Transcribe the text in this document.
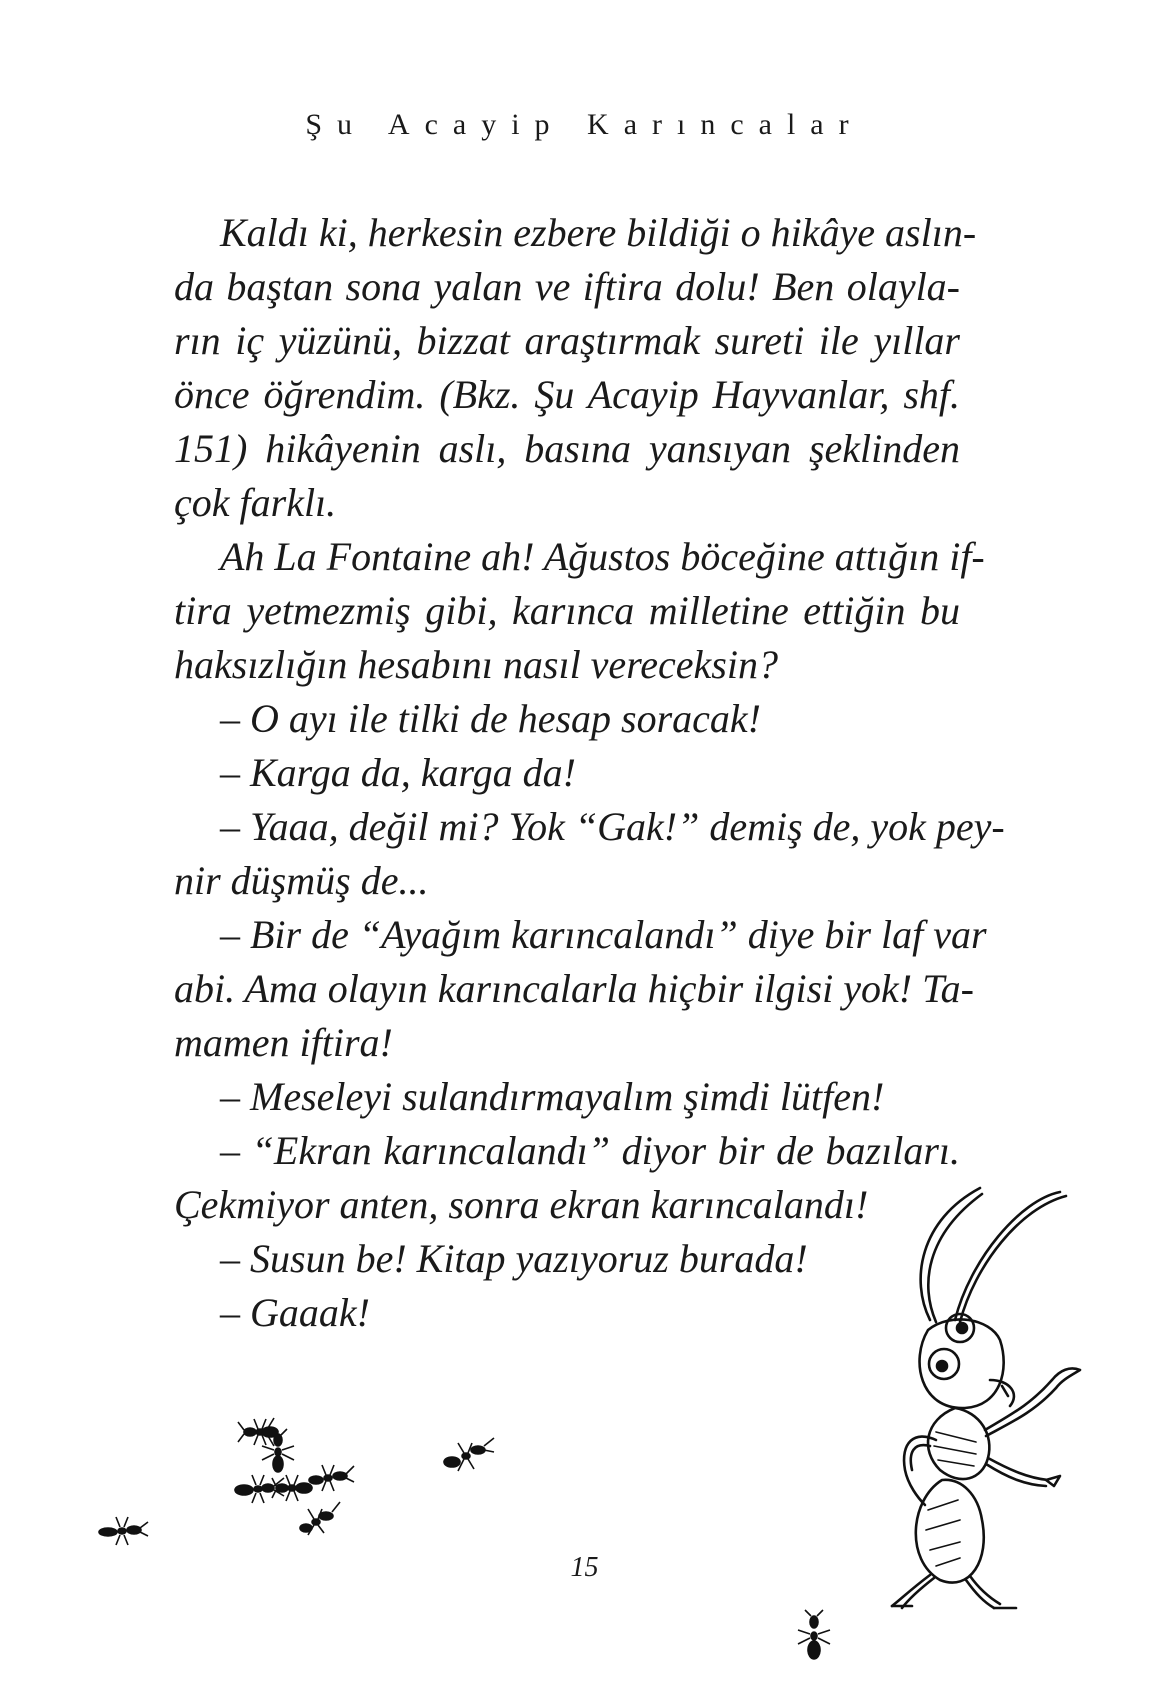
Şu Acayip Karıncalar
Kaldı ki, herkesin ezbere bildiği o hikâye aslın-
da baştan sona yalan ve iftira dolu! Ben olayla-
rın iç yüzünü, bizzat araştırmak sureti ile yıllar
önce öğrendim. (Bkz. Şu Acayip Hayvanlar, shf.
151) hikâyenin aslı, basına yansıyan şeklinden
çok farklı.
Ah La Fontaine ah! Ağustos böceğine attığın if-
tira yetmezmiş gibi, karınca milletine ettiğin bu
haksızlığın hesabını nasıl vereceksin?
– O ayı ile tilki de hesap soracak!
– Karga da, karga da!
– Yaaa, değil mi? Yok “Gak!” demiş de, yok pey-
nir düşmüş de...
– Bir de “Ayağım karıncalandı” diye bir laf var
abi. Ama olayın karıncalarla hiçbir ilgisi yok! Ta-
mamen iftira!
– Meseleyi sulandırmayalım şimdi lütfen!
– “Ekran karıncalandı” diyor bir de bazıları.
Çekmiyor anten, sonra ekran karıncalandı!
– Susun be! Kitap yazıyoruz burada!
– Gaaak!
15
